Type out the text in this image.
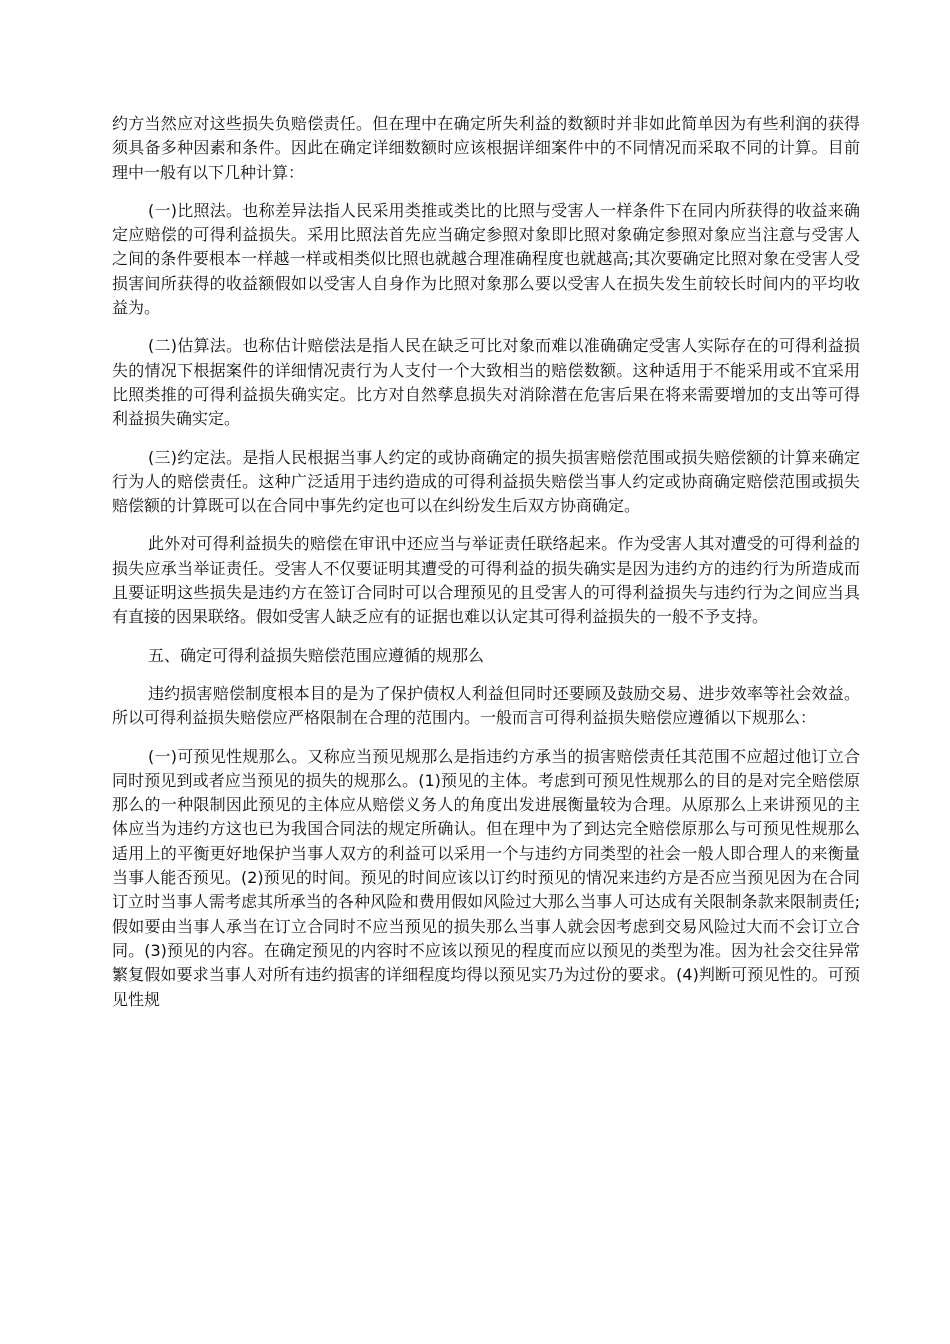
约方当然应对这些损失负赔偿责任。但在理中在确定所失利益的数额时并非如此简单因为有些利润的获得须具备多种因素和条件。因此在确定详细数额时应该根据详细案件中的不同情况而采取不同的计算。目前理中一般有以下几种计算：

(一)比照法。也称差异法指人民采用类推或类比的比照与受害人一样条件下在同内所获得的收益来确定应赔偿的可得利益损失。采用比照法首先应当确定参照对象即比照对象确定参照对象应当注意与受害人之间的条件要根本一样越一样或相类似比照也就越合理准确程度也就越高;其次要确定比照对象在受害人受损害间所获得的收益额假如以受害人自身作为比照对象那么要以受害人在损失发生前较长时间内的平均收益为。

(二)估算法。也称估计赔偿法是指人民在缺乏可比对象而难以准确确定受害人实际存在的可得利益损失的情况下根据案件的详细情况责行为人支付一个大致相当的赔偿数额。这种适用于不能采用或不宜采用比照类推的可得利益损失确实定。比方对自然孳息损失对消除潜在危害后果在将来需要增加的支出等可得利益损失确实定。

(三)约定法。是指人民根据当事人约定的或协商确定的损失损害赔偿范围或损失赔偿额的计算来确定行为人的赔偿责任。这种广泛适用于违约造成的可得利益损失赔偿当事人约定或协商确定赔偿范围或损失赔偿额的计算既可以在合同中事先约定也可以在纠纷发生后双方协商确定。

此外对可得利益损失的赔偿在审讯中还应当与举证责任联络起来。作为受害人其对遭受的可得利益的损失应承当举证责任。受害人不仅要证明其遭受的可得利益的损失确实是因为违约方的违约行为所造成而且要证明这些损失是违约方在签订合同时可以合理预见的且受害人的可得利益损失与违约行为之间应当具有直接的因果联络。假如受害人缺乏应有的证据也难以认定其可得利益损失的一般不予支持。

五、确定可得利益损失赔偿范围应遵循的规那么

违约损害赔偿制度根本目的是为了保护债权人利益但同时还要顾及鼓励交易、进步效率等社会效益。所以可得利益损失赔偿应严格限制在合理的范围内。一般而言可得利益损失赔偿应遵循以下规那么：

(一)可预见性规那么。又称应当预见规那么是指违约方承当的损害赔偿责任其范围不应超过他订立合同时预见到或者应当预见的损失的规那么。(1)预见的主体。考虑到可预见性规那么的目的是对完全赔偿原那么的一种限制因此预见的主体应从赔偿义务人的角度出发进展衡量较为合理。从原那么上来讲预见的主体应当为违约方这也已为我国合同法的规定所确认。但在理中为了到达完全赔偿原那么与可预见性规那么适用上的平衡更好地保护当事人双方的利益可以采用一个与违约方同类型的社会一般人即合理人的来衡量当事人能否预见。(2)预见的时间。预见的时间应该以订约时预见的情况来违约方是否应当预见因为在合同订立时当事人需考虑其所承当的各种风险和费用假如风险过大那么当事人可达成有关限制条款来限制责任;假如要由当事人承当在订立合同时不应当预见的损失那么当事人就会因考虑到交易风险过大而不会订立合同。(3)预见的内容。在确定预见的内容时不应该以预见的程度而应以预见的类型为准。因为社会交往异常繁复假如要求当事人对所有违约损害的详细程度均得以预见实乃为过份的要求。(4)判断可预见性的。可预见性规
